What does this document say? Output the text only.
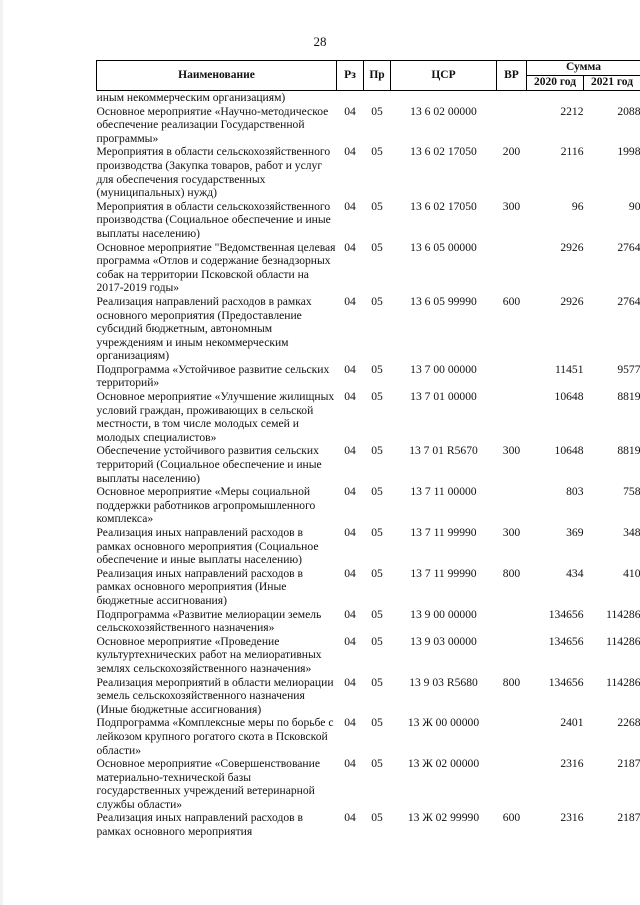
28
Наименование	Рз	Пр	ЦСР	ВР	Сумма	
					2020 год	2021 год
иным некоммерческим организациям)						
Основное мероприятие «Научно-методическое обеспечение реализации Государственной программы»	04	05	13 6 02 00000		2212	2088
Мероприятия в области сельскохозяйственного производства (Закупка товаров, работ и услуг для обеспечения государственных (муниципальных) нужд)	04	05	13 6 02 17050	200	2116	1998
Мероприятия в области сельскохозяйственного производства (Социальное обеспечение и иные выплаты населению)	04	05	13 6 02 17050	300	96	90
Основное мероприятие "Ведомственная целевая программа «Отлов и содержание безнадзорных собак на территории Псковской области на 2017-2019 годы»	04	05	13 6 05 00000		2926	2764
Реализация направлений расходов в рамках основного мероприятия (Предоставление субсидий бюджетным, автономным учреждениям и иным некоммерческим организациям)	04	05	13 6 05 99990	600	2926	2764
Подпрограмма «Устойчивое развитие сельских территорий»	04	05	13 7 00 00000		11451	9577
Основное мероприятие «Улучшение жилищных условий граждан, проживающих в сельской местности, в том числе молодых семей и молодых специалистов»	04	05	13 7 01 00000		10648	8819
Обеспечение устойчивого развития сельских территорий (Социальное обеспечение и иные выплаты населению)	04	05	13 7 01 R5670	300	10648	8819
Основное мероприятие «Меры социальной поддержки работников агропромышленного комплекса»	04	05	13 7 11 00000		803	758
Реализация иных направлений расходов в рамках основного мероприятия (Социальное обеспечение и иные выплаты населению)	04	05	13 7 11 99990	300	369	348
Реализация иных направлений расходов в рамках основного мероприятия (Иные бюджетные ассигнования)	04	05	13 7 11 99990	800	434	410
Подпрограмма «Развитие мелиорации земель сельскохозяйственного назначения»	04	05	13 9 00 00000		134656	114286
Основное мероприятие «Проведение культуртехнических работ на мелиоративных землях сельскохозяйственного назначения»	04	05	13 9 03 00000		134656	114286
Реализация мероприятий в области мелиорации земель сельскохозяйственного назначения (Иные бюджетные ассигнования)	04	05	13 9 03 R5680	800	134656	114286
Подпрограмма «Комплексные меры по борьбе с лейкозом крупного рогатого скота в Псковской области»	04	05	13 Ж 00 00000		2401	2268
Основное мероприятие «Совершенствование материально-технической базы государственных учреждений ветеринарной службы области»	04	05	13 Ж 02 00000		2316	2187
Реализация иных направлений расходов в рамках основного мероприятия	04	05	13 Ж 02 99990	600	2316	2187
